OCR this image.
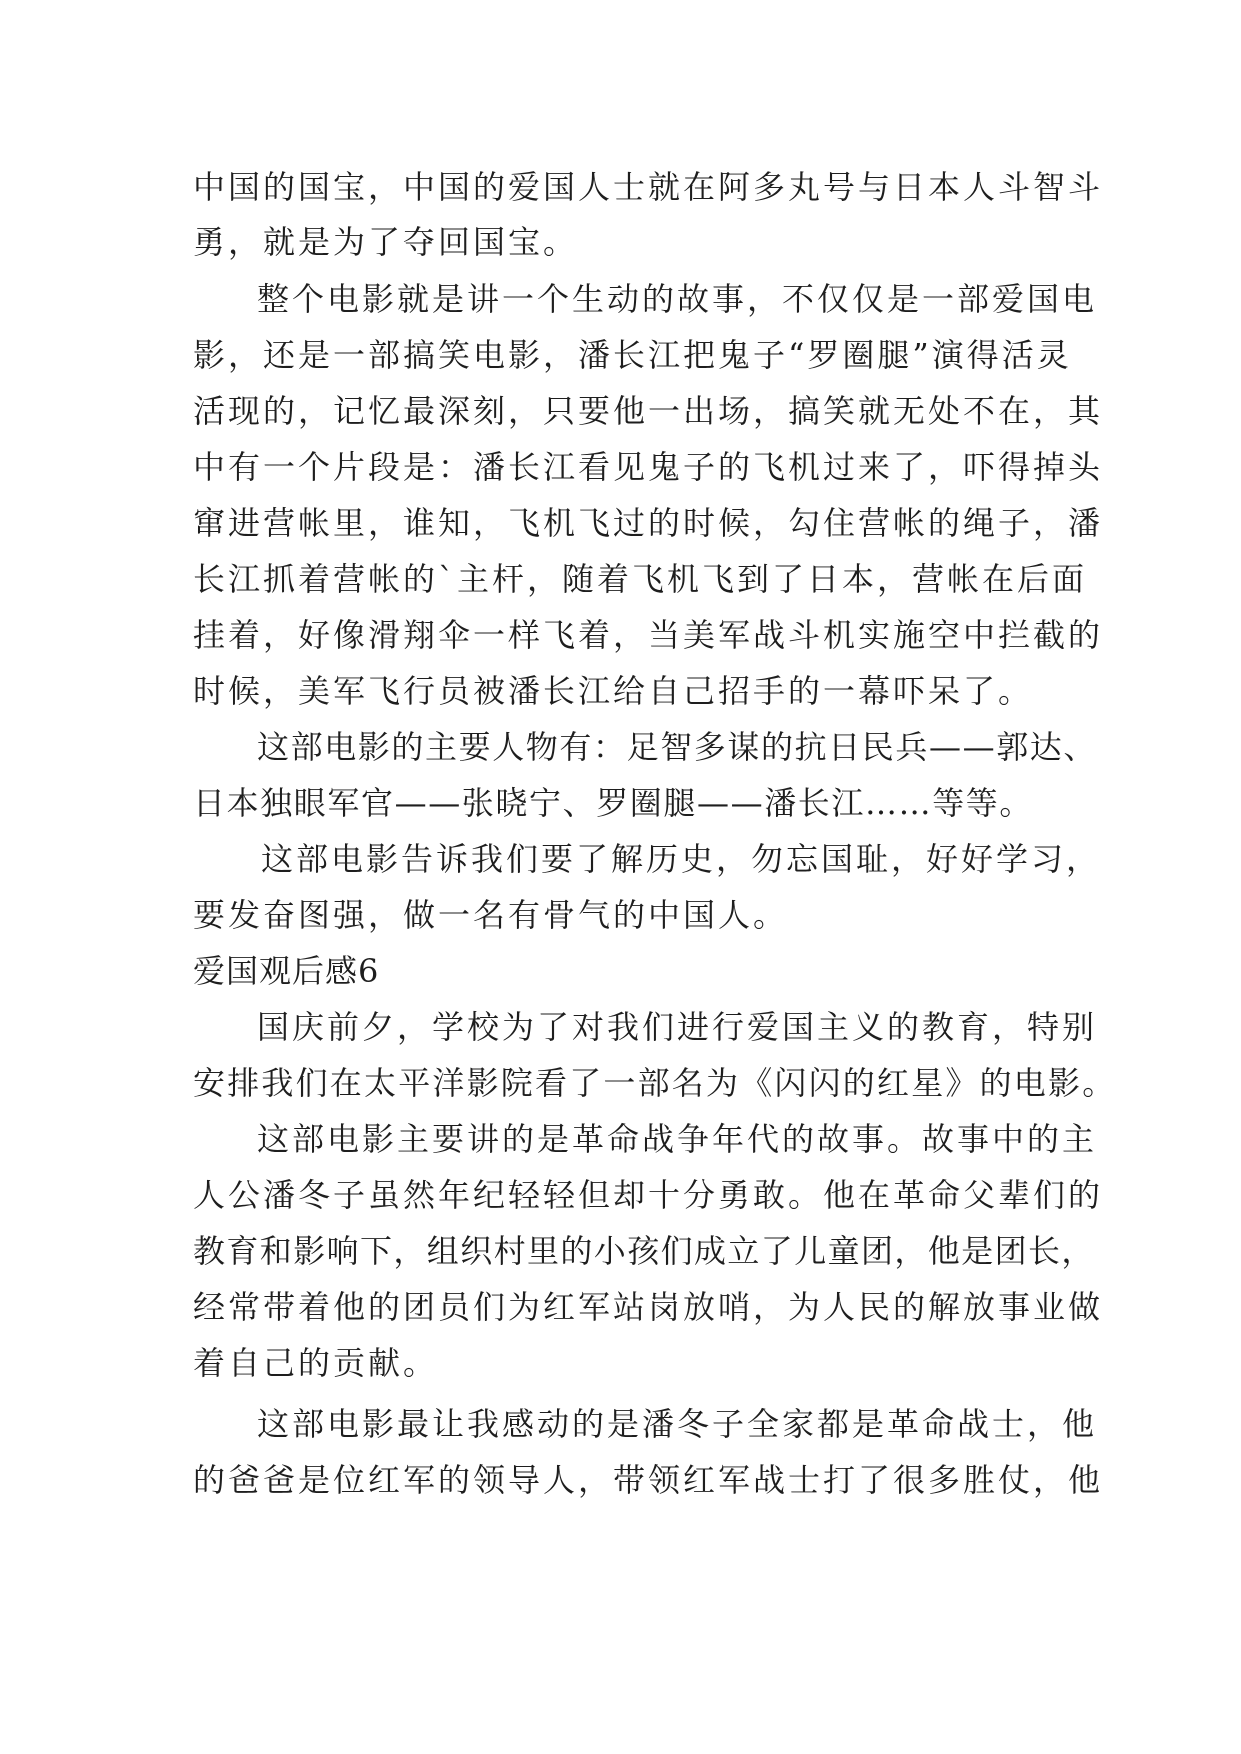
中国的国宝，中国的爱国人士就在阿多丸号与日本人斗智斗
勇，就是为了夺回国宝。
整个电影就是讲一个生动的故事，不仅仅是一部爱国电
影，还是一部搞笑电影，潘长江把鬼子“罗圈腿”演得活灵
活现的，记忆最深刻，只要他一出场，搞笑就无处不在，其
中有一个片段是：潘长江看见鬼子的飞机过来了，吓得掉头
窜进营帐里，谁知，飞机飞过的时候，勾住营帐的绳子，潘
长江抓着营帐的`主杆，随着飞机飞到了日本，营帐在后面
挂着，好像滑翔伞一样飞着，当美军战斗机实施空中拦截的
时候，美军飞行员被潘长江给自己招手的一幕吓呆了。
这部电影的主要人物有：足智多谋的抗日民兵——郭达、
日本独眼军官——张晓宁、罗圈腿——潘长江……等等。
这部电影告诉我们要了解历史，勿忘国耻，好好学习，
要发奋图强，做一名有骨气的中国人。
爱国观后感6
国庆前夕，学校为了对我们进行爱国主义的教育，特别
安排我们在太平洋影院看了一部名为《闪闪的红星》的电影。
这部电影主要讲的是革命战争年代的故事。故事中的主
人公潘冬子虽然年纪轻轻但却十分勇敢。他在革命父辈们的
教育和影响下，组织村里的小孩们成立了儿童团，他是团长，
经常带着他的团员们为红军站岗放哨，为人民的解放事业做
着自己的贡献。
这部电影最让我感动的是潘冬子全家都是革命战士，他
的爸爸是位红军的领导人，带领红军战士打了很多胜仗，他
